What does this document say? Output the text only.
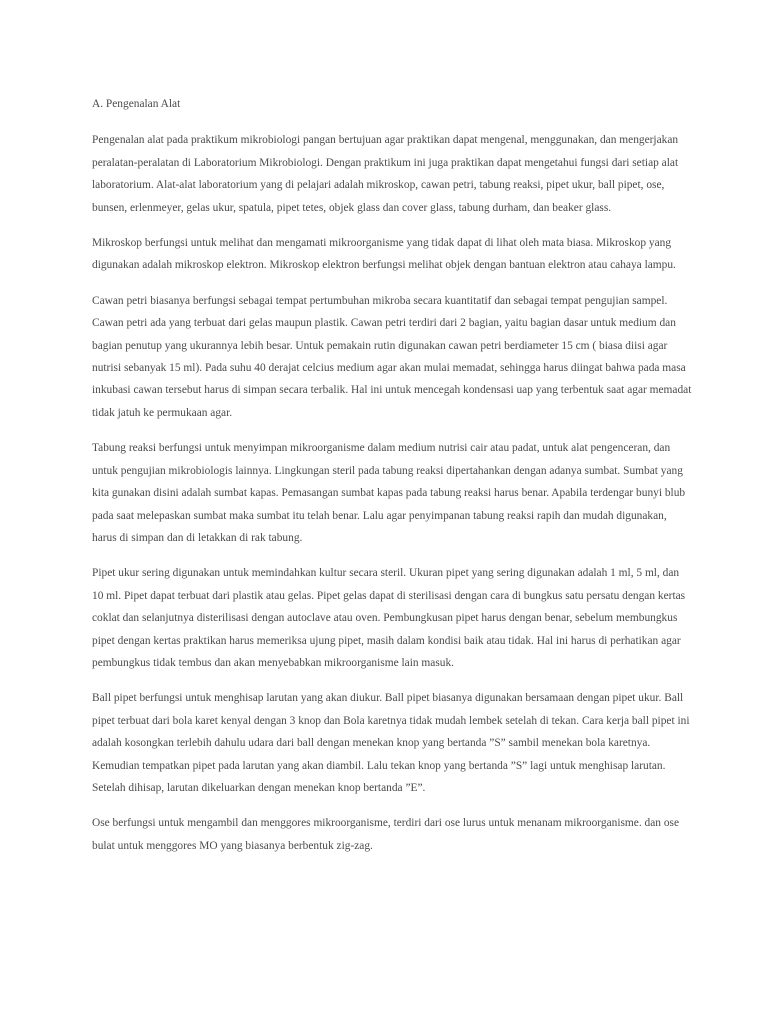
A. Pengenalan Alat

Pengenalan alat pada praktikum mikrobiologi pangan bertujuan agar praktikan dapat mengenal, menggunakan, dan mengerjakan peralatan-peralatan di Laboratorium Mikrobiologi. Dengan praktikum ini juga praktikan dapat mengetahui fungsi dari setiap alat laboratorium. Alat-alat laboratorium yang di pelajari adalah mikroskop, cawan petri, tabung reaksi, pipet ukur, ball pipet, ose, bunsen, erlenmeyer, gelas ukur, spatula, pipet tetes, objek glass dan cover glass, tabung durham, dan beaker glass.

Mikroskop berfungsi untuk melihat dan mengamati mikroorganisme yang tidak dapat di lihat oleh mata biasa. Mikroskop yang digunakan adalah mikroskop elektron. Mikroskop elektron berfungsi melihat objek dengan bantuan elektron atau cahaya lampu.

Cawan petri biasanya berfungsi sebagai tempat pertumbuhan mikroba secara kuantitatif dan sebagai tempat pengujian sampel. Cawan petri ada yang terbuat dari gelas maupun plastik. Cawan petri terdiri dari 2 bagian, yaitu bagian dasar untuk medium dan bagian penutup yang ukurannya lebih besar. Untuk pemakain rutin digunakan cawan petri berdiameter 15 cm ( biasa diisi agar nutrisi sebanyak 15 ml). Pada suhu 40 derajat celcius medium agar akan mulai memadat, sehingga harus diingat bahwa pada masa inkubasi cawan tersebut harus di simpan secara terbalik. Hal ini untuk mencegah kondensasi uap yang terbentuk saat agar memadat tidak jatuh ke permukaan agar.

Tabung reaksi berfungsi untuk menyimpan mikroorganisme dalam medium nutrisi cair atau padat, untuk alat pengenceran, dan untuk pengujian mikrobiologis lainnya. Lingkungan steril pada tabung reaksi dipertahankan dengan adanya sumbat. Sumbat yang kita gunakan disini adalah sumbat kapas. Pemasangan sumbat kapas pada tabung reaksi harus benar. Apabila terdengar bunyi blub pada saat melepaskan sumbat maka sumbat itu telah benar. Lalu agar penyimpanan tabung reaksi rapih dan mudah digunakan, harus di simpan dan di letakkan di rak tabung.

Pipet ukur sering digunakan untuk memindahkan kultur secara steril. Ukuran pipet yang sering digunakan adalah 1 ml, 5 ml, dan 10 ml. Pipet dapat terbuat dari plastik atau gelas. Pipet gelas dapat di sterilisasi dengan cara di bungkus satu persatu dengan kertas coklat dan selanjutnya disterilisasi dengan autoclave atau oven. Pembungkusan pipet harus dengan benar, sebelum membungkus pipet dengan kertas praktikan harus memeriksa ujung pipet, masih dalam kondisi baik atau tidak. Hal ini harus di perhatikan agar pembungkus tidak tembus dan akan menyebabkan mikroorganisme lain masuk.

Ball pipet berfungsi untuk menghisap larutan yang akan diukur. Ball pipet biasanya digunakan bersamaan dengan pipet ukur. Ball pipet terbuat dari bola karet kenyal dengan 3 knop dan Bola karetnya tidak mudah lembek setelah di tekan. Cara kerja ball pipet ini adalah kosongkan terlebih dahulu udara dari ball dengan menekan knop yang bertanda ”S” sambil menekan bola karetnya. Kemudian tempatkan pipet pada larutan yang akan diambil. Lalu tekan knop yang bertanda ”S” lagi untuk menghisap larutan. Setelah dihisap, larutan dikeluarkan dengan menekan knop bertanda ”E”.

Ose berfungsi untuk mengambil dan menggores mikroorganisme, terdiri dari ose lurus untuk menanam mikroorganisme. dan ose bulat untuk menggores MO yang biasanya berbentuk zig-zag.
